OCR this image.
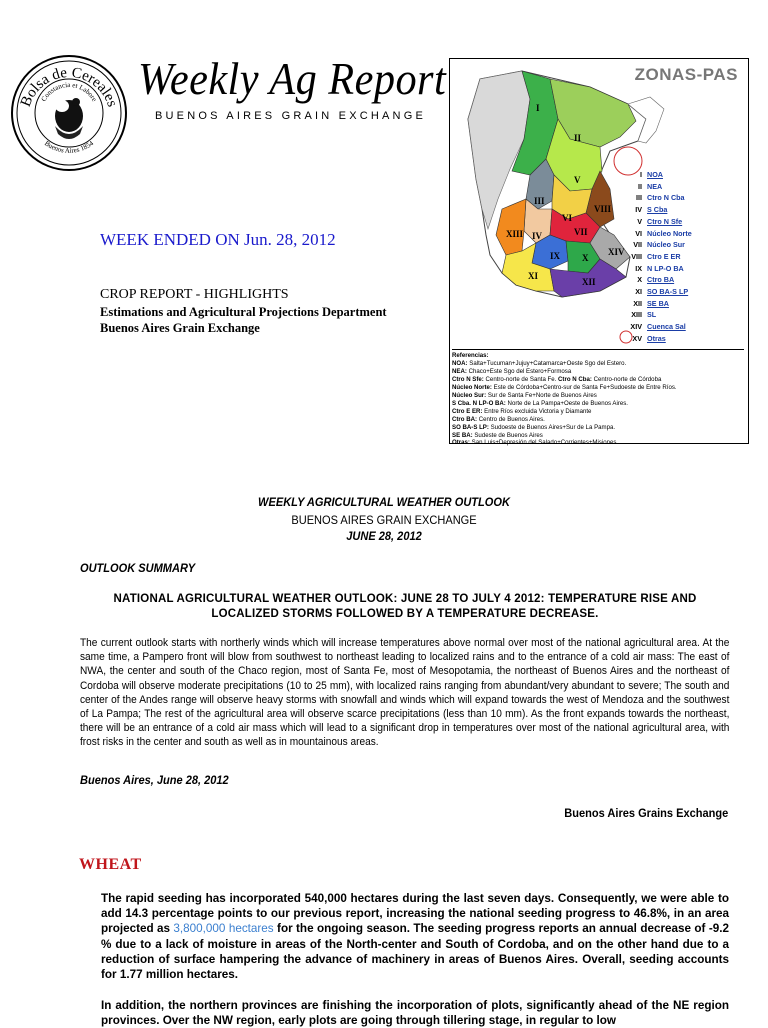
Bolsa de Cereales
Constancia et Labore
Buenos Aires 1854
Weekly Ag Report
BUENOS AIRES GRAIN EXCHANGE
WEEK ENDED ON Jun. 28, 2012
CROP REPORT - HIGHLIGHTS
Estimations and Agricultural Projections Department
Buenos Aires Grain Exchange
I
II
III
IV
V
VI
VII
VIII
IX X
XI
XII
XIII
XIV
ZONAS-PAS
I NOA
II NEA
III Ctro N Cba
IV S Cba
V Ctro N Sfe
VI Núcleo Norte
VII Núcleo Sur
VIII Ctro E ER
IX N LP-O BA
X Ctro BA
XI SO BA-S LP
XII SE BA
XIII SL
XIV Cuenca Sal
XV Otras
Referencias:
NOA: Salta+Tucuman+Jujuy+Catamarca+Oeste Sgo del Estero.
NEA: Chaco+Este Sgo del Estero+Formosa
Ctro N Sfe: Centro-norte de Santa Fe. Ctro N Cba: Centro-norte de Córdoba
Núcleo Norte: Este de Córdoba+Centro-sur de Santa Fe+Sudoeste de Entre Ríos.
Núcleo Sur: Sur de Santa Fe+Norte de Buenos Aires
S Cba. N LP-O BA: Norte de La Pampa+Oeste de Buenos Aires.
Ctro E ER: Entre Ríos excluida Victoria y Diamante
Ctro BA: Centro de Buenos Aires.
SO BA-S LP: Sudoeste de Buenos Aires+Sur de La Pampa.
SE BA: Sudeste de Buenos Aires
Otras: San Luis+Depresión del Salado+Corrientes+Misiones
WEEKLY AGRICULTURAL WEATHER OUTLOOK
BUENOS AIRES GRAIN EXCHANGE
JUNE 28, 2012
OUTLOOK SUMMARY
NATIONAL AGRICULTURAL WEATHER OUTLOOK: JUNE 28 TO JULY 4 2012: TEMPERATURE RISE AND LOCALIZED STORMS FOLLOWED BY A TEMPERATURE DECREASE.
The current outlook starts with northerly winds which will increase temperatures above normal over most of the national agricultural area. At the same time, a Pampero front will blow from southwest to northeast leading to localized rains and to the entrance of a cold air mass: The east of NWA, the center and south of the Chaco region, most of Santa Fe, most of Mesopotamia, the northeast of Buenos Aires and the northeast of Cordoba will observe moderate precipitations (10 to 25 mm), with localized rains ranging from abundant/very abundant to severe; The south and center of the Andes range will observe heavy storms with snowfall and winds which will expand towards the west of Mendoza and the southwest of La Pampa; The rest of the agricultural area will observe scarce precipitations (less than 10 mm). As the front expands towards the northeast, there will be an entrance of a cold air mass which will lead to a significant drop in temperatures over most of the national agricultural area, with frost risks in the center and south as well as in mountainous areas.
Buenos Aires, June 28, 2012
Buenos Aires Grains Exchange
WHEAT
The rapid seeding has incorporated 540,000 hectares during the last seven days. Consequently, we were able to add 14.3 percentage points to our previous report, increasing the national seeding progress to 46.8%, in an area projected as 3,800,000 hectares for the ongoing season. The seeding progress reports an annual decrease of -9.2 % due to a lack of moisture in areas of the North-center and South of Cordoba, and on the other hand due to a reduction of surface hampering the advance of machinery in areas of Buenos Aires. Overall, seeding accounts for 1.77 million hectares.
In addition, the northern provinces are finishing the incorporation of plots, significantly ahead of the NE region provinces. Over the NW region, early plots are going through tillering stage, in regular to low
